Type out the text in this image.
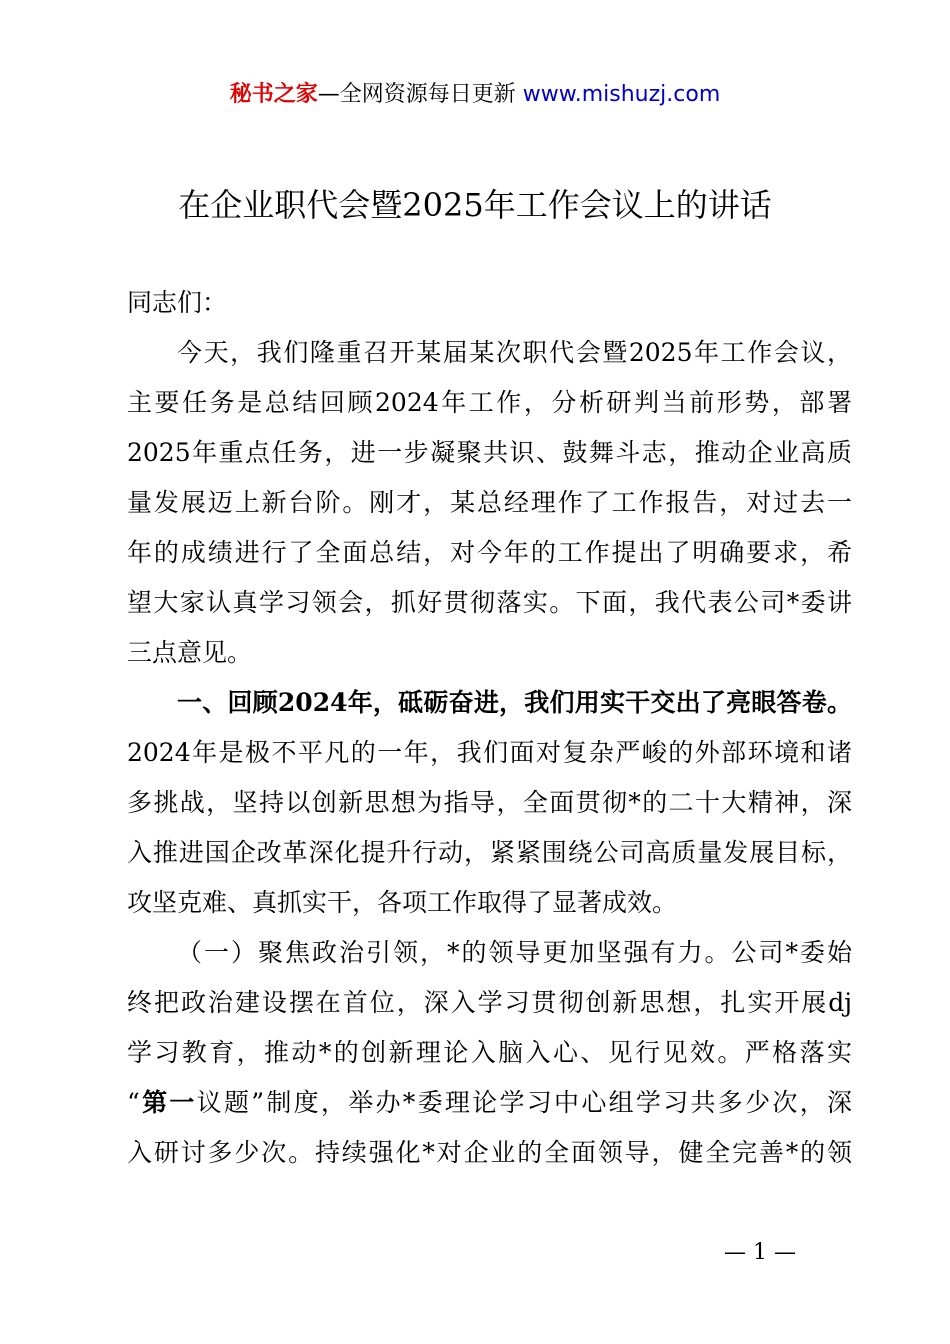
秘书之家—全网资源每日更新 www.mishuzj.com
在企业职代会暨2025年工作会议上的讲话
同志们：
今天，我们隆重召开某届某次职代会暨2025年工作会议，
主要任务是总结回顾2024年工作，分析研判当前形势，部署
2025年重点任务，进一步凝聚共识、鼓舞斗志，推动企业高质
量发展迈上新台阶。刚才，某总经理作了工作报告，对过去一
年的成绩进行了全面总结，对今年的工作提出了明确要求，希
望大家认真学习领会，抓好贯彻落实。下面，我代表公司*委讲
三点意见。
一、回顾2024年，砥砺奋进，我们用实干交出了亮眼答卷。
2024年是极不平凡的一年，我们面对复杂严峻的外部环境和诸
多挑战，坚持以创新思想为指导，全面贯彻*的二十大精神，深
入推进国企改革深化提升行动，紧紧围绕公司高质量发展目标，
攻坚克难、真抓实干，各项工作取得了显著成效。
（一）聚焦政治引领，*的领导更加坚强有力。公司*委始
终把政治建设摆在首位，深入学习贯彻创新思想，扎实开展dj
学习教育，推动*的创新理论入脑入心、见行见效。严格落实
“第一议题”制度，举办*委理论学习中心组学习共多少次，深
入研讨多少次。持续强化*对企业的全面领导，健全完善*的领
— 1 —
